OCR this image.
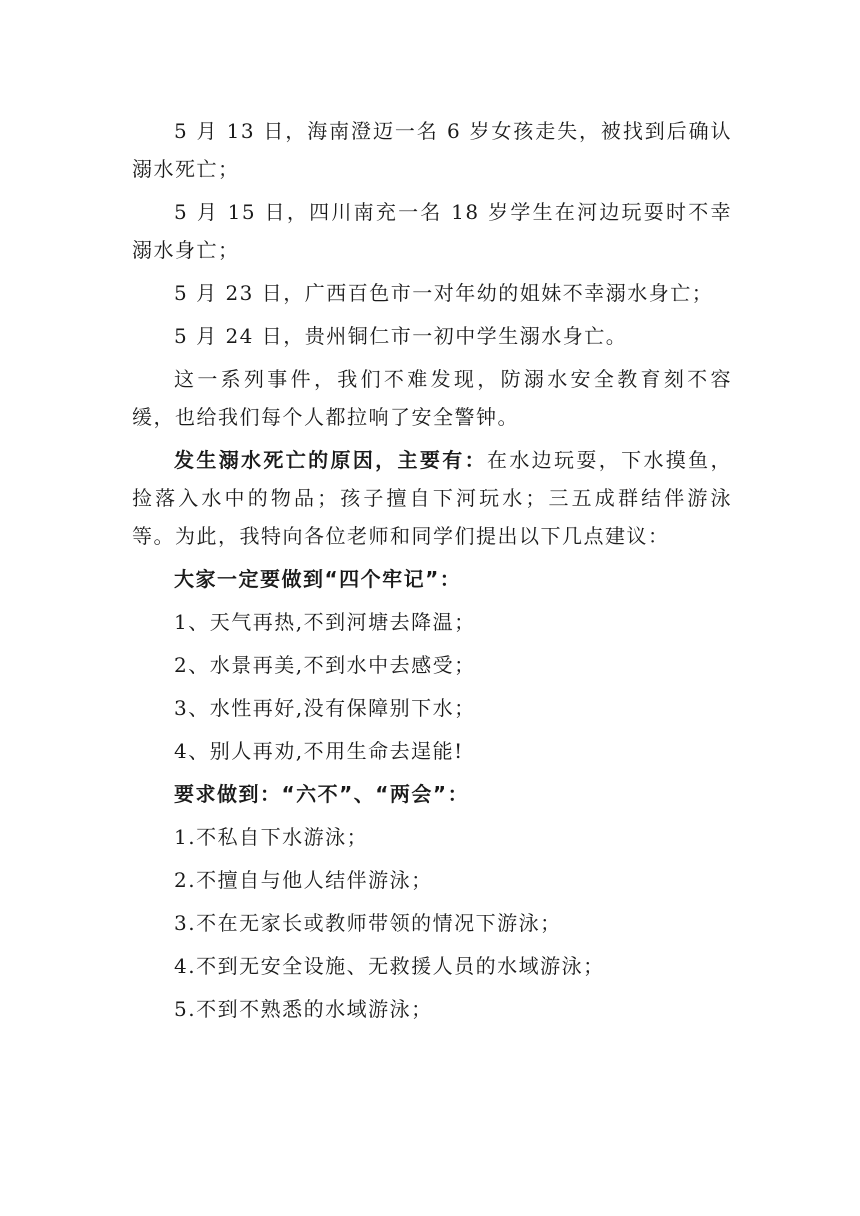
5 月 13 日，海南澄迈一名 6 岁女孩走失，被找到后确认溺水死亡；

5 月 15 日，四川南充一名 18 岁学生在河边玩耍时不幸溺水身亡；

5 月 23 日，广西百色市一对年幼的姐妹不幸溺水身亡；

5 月 24 日，贵州铜仁市一初中学生溺水身亡。

这一系列事件，我们不难发现，防溺水安全教育刻不容缓，也给我们每个人都拉响了安全警钟。

发生溺水死亡的原因，主要有：在水边玩耍，下水摸鱼，捡落入水中的物品；孩子擅自下河玩水；三五成群结伴游泳等。为此，我特向各位老师和同学们提出以下几点建议：

大家一定要做到“四个牢记”：

1、天气再热,不到河塘去降温；

2、水景再美,不到水中去感受；

3、水性再好,没有保障别下水；

4、别人再劝,不用生命去逞能!

要求做到：“六不”、“两会”：

1.不私自下水游泳；

2.不擅自与他人结伴游泳；

3.不在无家长或教师带领的情况下游泳；

4.不到无安全设施、无救援人员的水域游泳；

5.不到不熟悉的水域游泳；
